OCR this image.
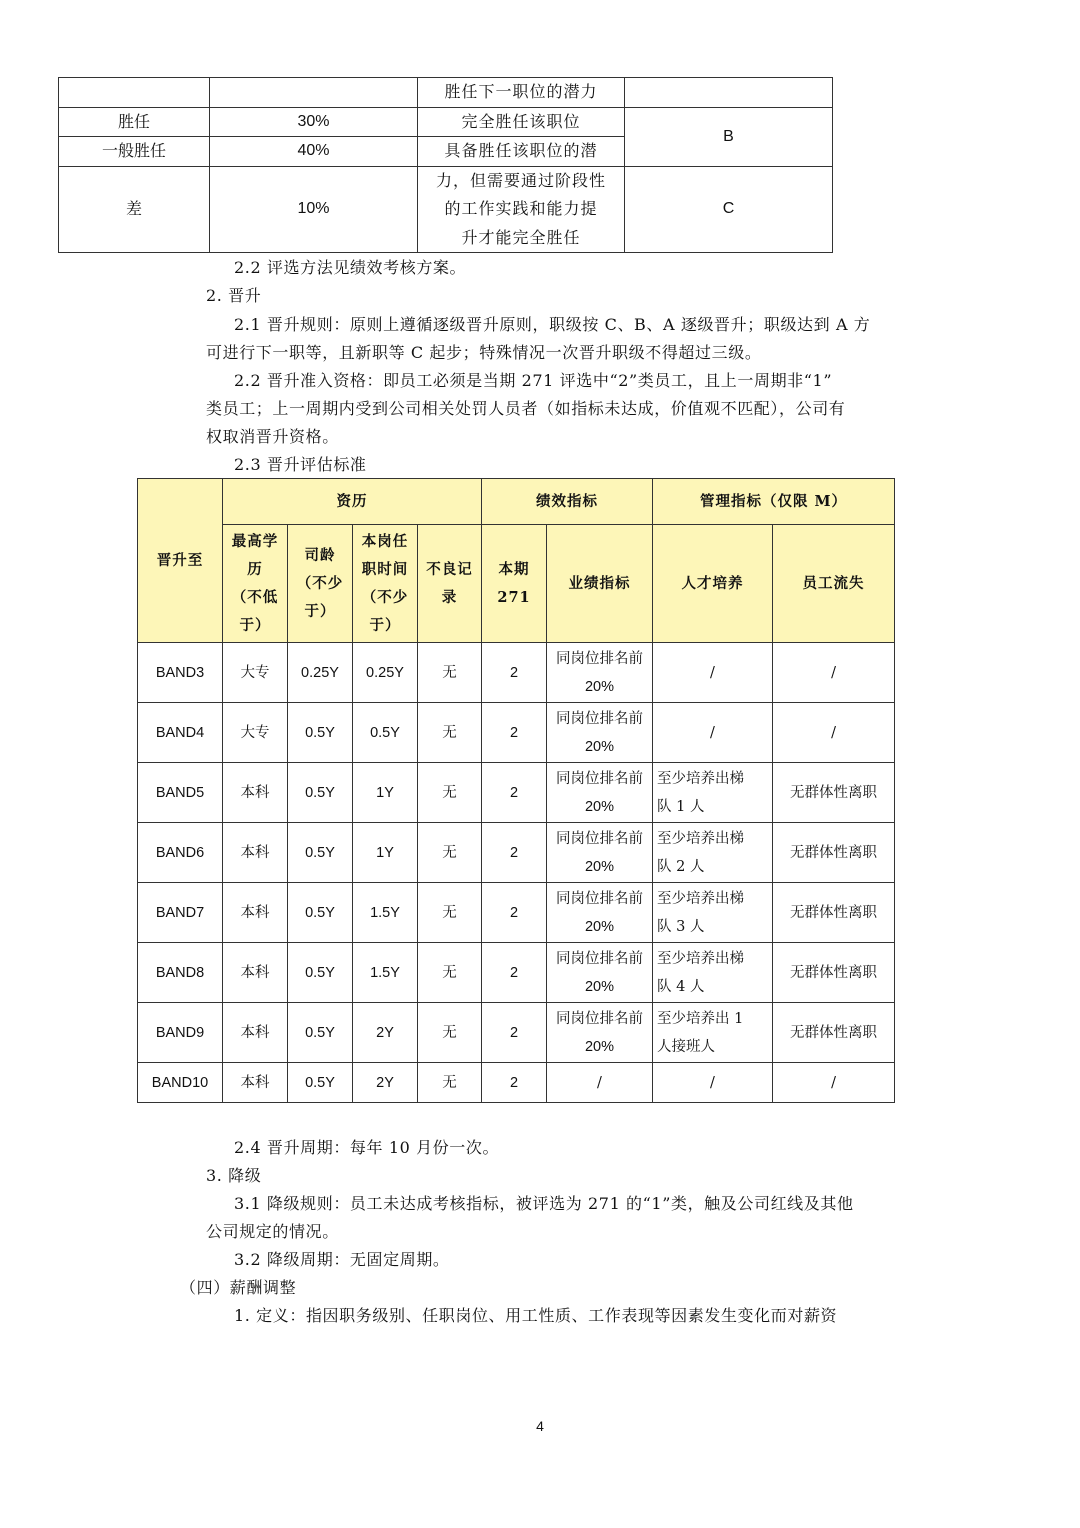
		胜任下一职位的潜力	
胜任	30%	完全胜任该职位	B
一般胜任	40%	具备胜任该职位的潜	
差	10%	力，但需要通过阶段性
的工作实践和能力提
升才能完全胜任	C
2.2 评选方法见绩效考核方案。
2. 晋升
2.1 晋升规则：原则上遵循逐级晋升原则，职级按 C、B、A 逐级晋升；职级达到 A 方
可进行下一职等，且新职等 C 起步；特殊情况一次晋升职级不得超过三级。
2.2 晋升准入资格：即员工必须是当期 271 评选中“2”类员工，且上一周期非“1”
类员工；上一周期内受到公司相关处罚人员者（如指标未达成，价值观不匹配），公司有
权取消晋升资格。
2.3 晋升评估标准
晋升至	资历				绩效指标		管理指标（仅限 M）	

	最高学
历
（不低
于）	司龄
（不少
于）	本岗任
职时间
（不少
于）	不良记
录	本期 271	业绩指标	人才培养	员工流失
BAND3	大专	0.25Y	0.25Y	无	2	同岗位排名前
20%	/	/
BAND4	大专	0.5Y	0.5Y	无	2	同岗位排名前
20%	/	/
BAND5	本科	0.5Y	1Y	无	2	同岗位排名前
20%	至少培养出梯
队 1 人	无群体性离职
BAND6	本科	0.5Y	1Y	无	2	同岗位排名前
20%	至少培养出梯
队 2 人	无群体性离职
BAND7	本科	0.5Y	1.5Y	无	2	同岗位排名前
20%	至少培养出梯
队 3 人	无群体性离职
BAND8	本科	0.5Y	1.5Y	无	2	同岗位排名前
20%	至少培养出梯
队 4 人	无群体性离职
BAND9	本科	0.5Y	2Y	无	2	同岗位排名前
20%	至少培养出 1
人接班人	无群体性离职
BAND10	本科	0.5Y	2Y	无	2	/	/	/
2.4 晋升周期：每年 10 月份一次。
3. 降级
3.1 降级规则：员工未达成考核指标，被评选为 271 的“1”类，触及公司红线及其他
公司规定的情况。
3.2 降级周期：无固定周期。
（四）薪酬调整
1. 定义：指因职务级别、任职岗位、用工性质、工作表现等因素发生变化而对薪资
4
